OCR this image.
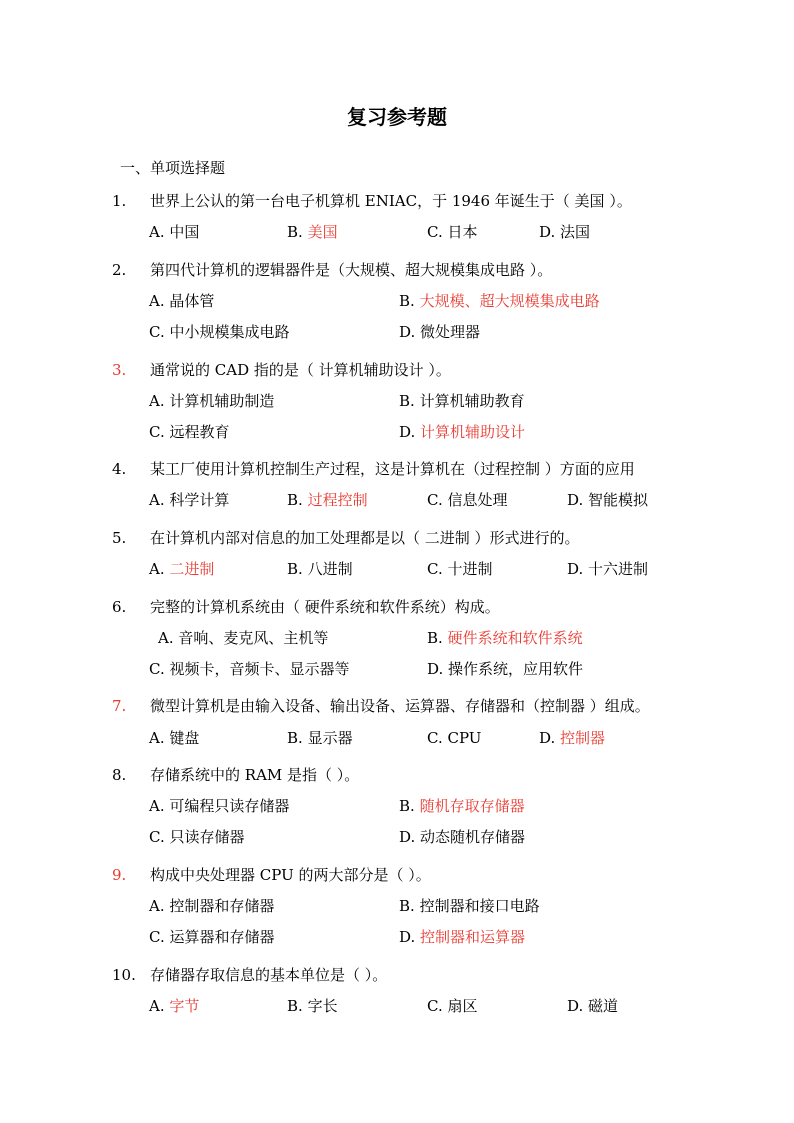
复习参考题
一、单项选择题
1. 世界上公认的第一台电子机算机 ENIAC，于 1946 年诞生于（ 美国 ）。
A. 中国	B. 美国	C. 日本	D. 法国
2. 第四代计算机的逻辑器件是（大规模、超大规模集成电路 ）。
A. 晶体管	B. 大规模、超大规模集成电路
C. 中小规模集成电路	D. 微处理器
3. 通常说的 CAD 指的是（ 计算机辅助设计 ）。
A. 计算机辅助制造	B. 计算机辅助教育
C. 远程教育	D. 计算机辅助设计
4. 某工厂使用计算机控制生产过程，这是计算机在（过程控制 ）方面的应用
A. 科学计算	B. 过程控制	C. 信息处理	D. 智能模拟
5. 在计算机内部对信息的加工处理都是以（ 二进制 ）形式进行的。
A. 二进制	B. 八进制	C. 十进制	D. 十六进制
6. 完整的计算机系统由（ 硬件系统和软件系统）构成。
A. 音响、麦克风、主机等	B. 硬件系统和软件系统
C. 视频卡，音频卡、显示器等	D. 操作系统，应用软件
7. 微型计算机是由输入设备、输出设备、运算器、存储器和（控制器 ）组成。
A. 键盘	B. 显示器	C. CPU	D. 控制器
8. 存储系统中的 RAM 是指（ ）。
A. 可编程只读存储器	B. 随机存取存储器
C. 只读存储器	D. 动态随机存储器
9. 构成中央处理器 CPU 的两大部分是（ ）。
A. 控制器和存储器	B. 控制器和接口电路
C. 运算器和存储器	D. 控制器和运算器
10. 存储器存取信息的基本单位是（ ）。
A. 字节	B. 字长	C. 扇区	D. 磁道
